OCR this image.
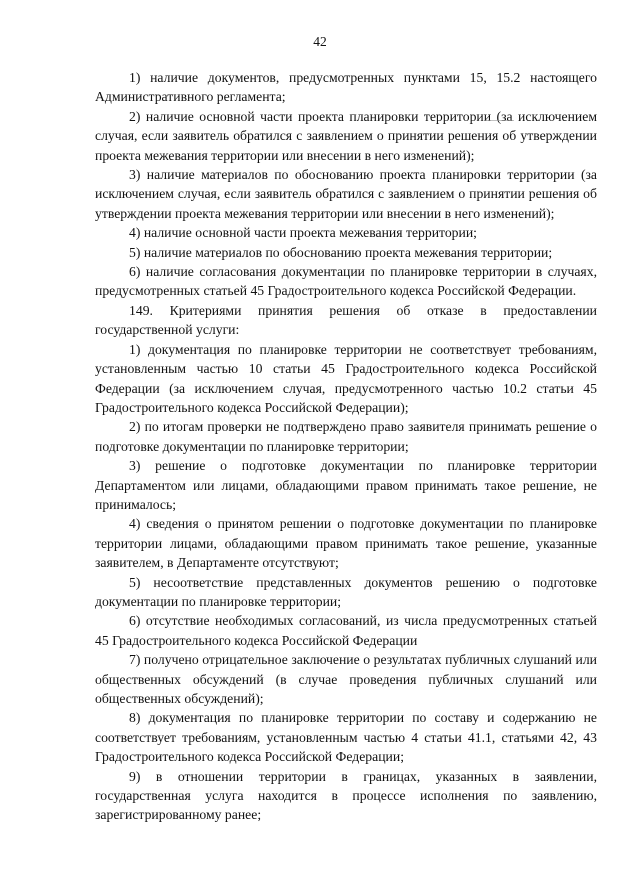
42

1) наличие документов, предусмотренных пунктами 15, 15.2 настоящего Административного регламента;

2) наличие основной части проекта планировки территории (за исключением случая, если заявитель обратился с заявлением о принятии решения об утверждении проекта межевания территории или внесении в него изменений);

3) наличие материалов по обоснованию проекта планировки территории (за исключением случая, если заявитель обратился с заявлением о принятии решения об утверждении проекта межевания территории или внесении в него изменений);

4) наличие основной части проекта межевания территории;

5) наличие материалов по обоснованию проекта межевания территории;

6) наличие согласования документации по планировке территории в случаях, предусмотренных статьей 45 Градостроительного кодекса Российской Федерации.

149. Критериями принятия решения об отказе в предоставлении государственной услуги:

1) документация по планировке территории не соответствует требованиям, установленным частью 10 статьи 45 Градостроительного кодекса Российской Федерации (за исключением случая, предусмотренного частью 10.2 статьи 45 Градостроительного кодекса Российской Федерации);

2) по итогам проверки не подтверждено право заявителя принимать решение о подготовке документации по планировке территории;

3) решение о подготовке документации по планировке территории Департаментом или лицами, обладающими правом принимать такое решение, не принималось;

4) сведения о принятом решении о подготовке документации по планировке территории лицами, обладающими правом принимать такое решение, указанные заявителем, в Департаменте отсутствуют;

5) несоответствие представленных документов решению о подготовке документации по планировке территории;

6) отсутствие необходимых согласований, из числа предусмотренных статьей 45 Градостроительного кодекса Российской Федерации

7) получено отрицательное заключение о результатах публичных слушаний или общественных обсуждений (в случае проведения публичных слушаний или общественных обсуждений);

8) документация по планировке территории по составу и содержанию не соответствует требованиям, установленным частью 4 статьи 41.1, статьями 42, 43 Градостроительного кодекса Российской Федерации;

9) в отношении территории в границах, указанных в заявлении, государственная услуга находится в процессе исполнения по заявлению, зарегистрированному ранее;
